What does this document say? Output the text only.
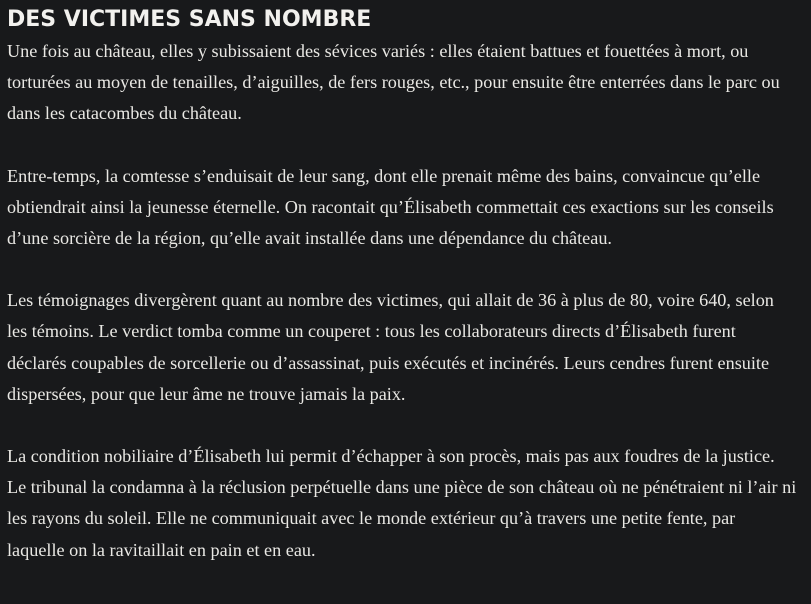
DES VICTIMES SANS NOMBRE

Une fois au château, elles y subissaient des sévices variés : elles étaient battues et fouettées à mort, ou torturées au moyen de tenailles, d’aiguilles, de fers rouges, etc., pour ensuite être enterrées dans le parc ou dans les catacombes du château.

Entre-temps, la comtesse s’enduisait de leur sang, dont elle prenait même des bains, convaincue qu’elle obtiendrait ainsi la jeunesse éternelle. On racontait qu’Élisabeth commettait ces exactions sur les conseils d’une sorcière de la région, qu’elle avait installée dans une dépendance du château.

Les témoignages divergèrent quant au nombre des victimes, qui allait de 36 à plus de 80, voire 640, selon les témoins. Le verdict tomba comme un couperet : tous les collaborateurs directs d’Élisabeth furent déclarés coupables de sorcellerie ou d’assassinat, puis exécutés et incinérés. Leurs cendres furent ensuite dispersées, pour que leur âme ne trouve jamais la paix.

La condition nobiliaire d’Élisabeth lui permit d’échapper à son procès, mais pas aux foudres de la justice. Le tribunal la condamna à la réclusion perpétuelle dans une pièce de son château où ne pénétraient ni l’air ni les rayons du soleil. Elle ne communiquait avec le monde extérieur qu’à travers une petite fente, par laquelle on la ravitaillait en pain et en eau.
